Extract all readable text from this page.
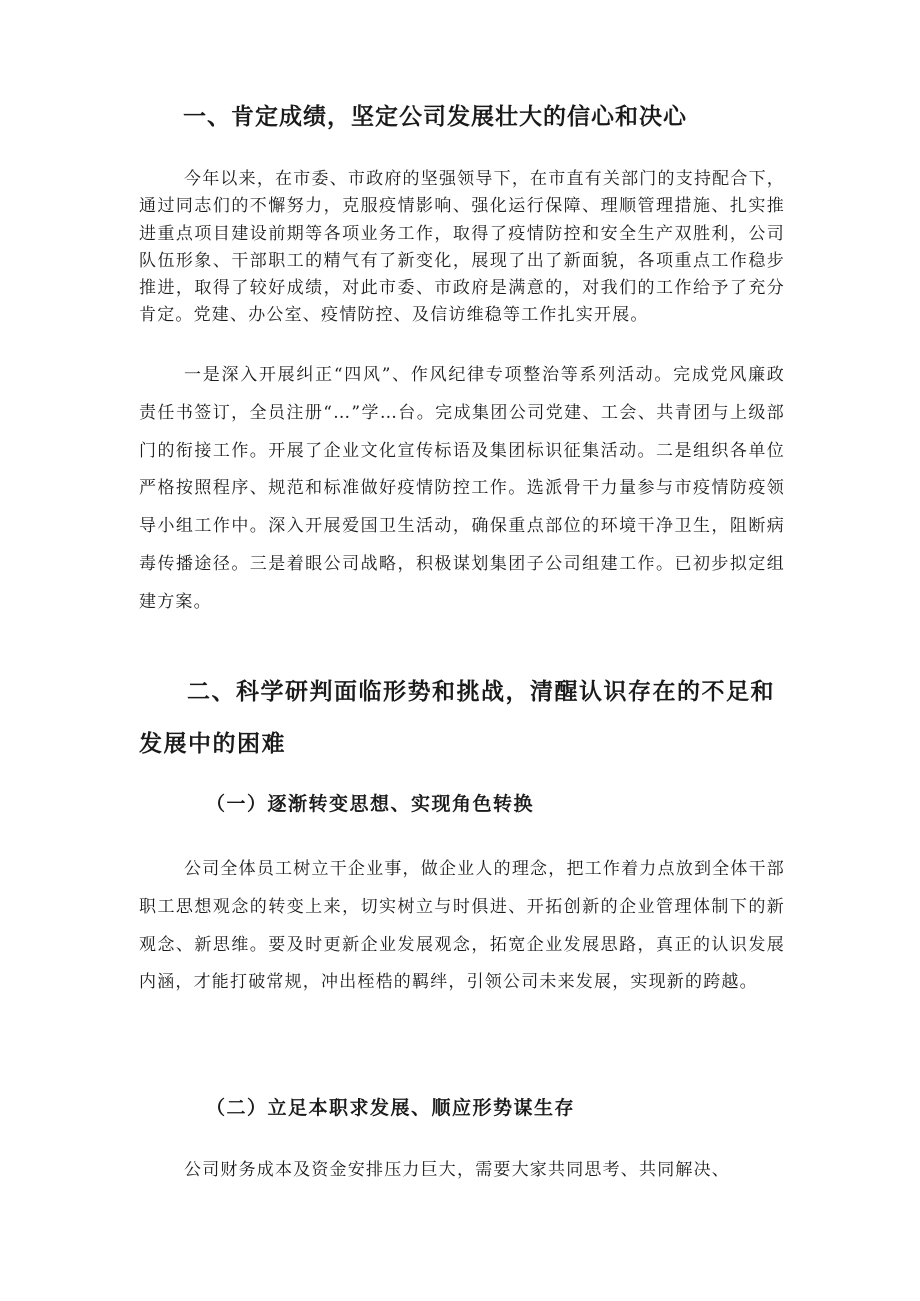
一、肯定成绩，坚定公司发展壮大的信心和决心

今年以来，在市委、市政府的坚强领导下，在市直有关部门的支持配合下，通过同志们的不懈努力，克服疫情影响、强化运行保障、理顺管理措施、扎实推进重点项目建设前期等各项业务工作，取得了疫情防控和安全生产双胜利，公司队伍形象、干部职工的精气有了新变化，展现了出了新面貌，各项重点工作稳步推进，取得了较好成绩，对此市委、市政府是满意的，对我们的工作给予了充分肯定。党建、办公室、疫情防控、及信访维稳等工作扎实开展。

一是深入开展纠正“四风”、作风纪律专项整治等系列活动。完成党风廉政责任书签订，全员注册“…”学…台。完成集团公司党建、工会、共青团与上级部门的衔接工作。开展了企业文化宣传标语及集团标识征集活动。二是组织各单位严格按照程序、规范和标准做好疫情防控工作。选派骨干力量参与市疫情防疫领导小组工作中。深入开展爱国卫生活动，确保重点部位的环境干净卫生，阻断病毒传播途径。三是着眼公司战略，积极谋划集团子公司组建工作。已初步拟定组建方案。

二、科学研判面临形势和挑战，清醒认识存在的不足和发展中的困难
（一）逐渐转变思想、实现角色转换

公司全体员工树立干企业事，做企业人的理念，把工作着力点放到全体干部职工思想观念的转变上来，切实树立与时俱进、开拓创新的企业管理体制下的新观念、新思维。要及时更新企业发展观念，拓宽企业发展思路，真正的认识发展内涵，才能打破常规，冲出桎梏的羁绊，引领公司未来发展，实现新的跨越。

（二）立足本职求发展、顺应形势谋生存

公司财务成本及资金安排压力巨大，需要大家共同思考、共同解决、
